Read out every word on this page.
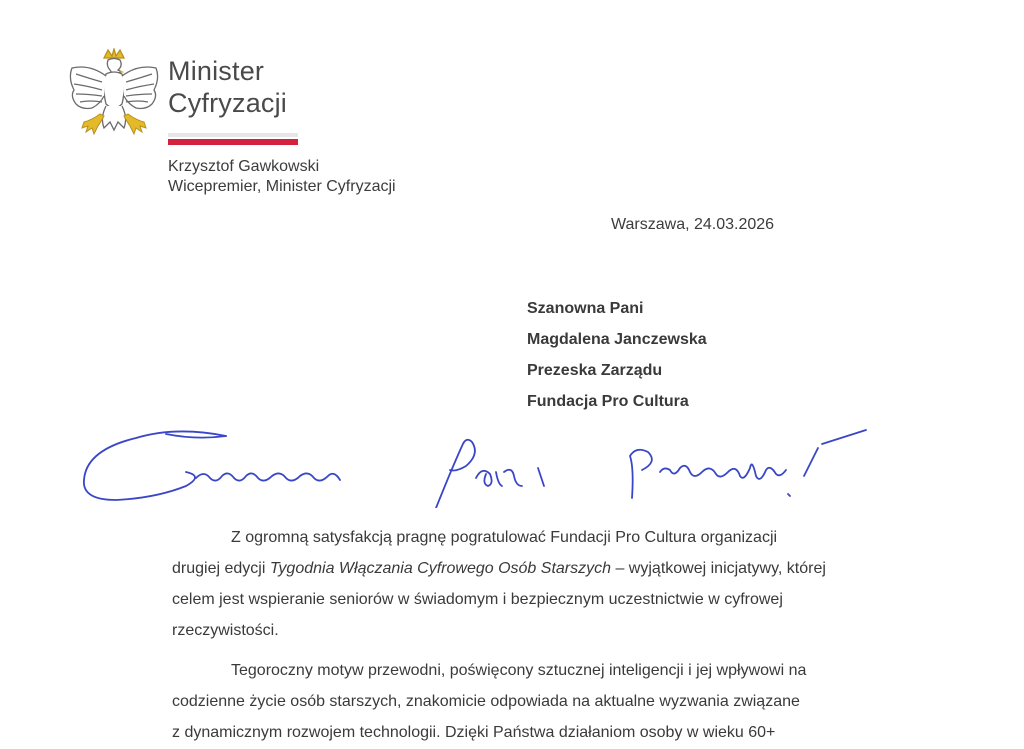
Minister
Cyfryzacji
Krzysztof Gawkowski
Wicepremier, Minister Cyfryzacji
Warszawa, 24.03.2026
Szanowna Pani
Magdalena Janczewska
Prezeska Zarządu
Fundacja Pro Cultura
Z ogromną satysfakcją pragnę pogratulować Fundacji Pro Cultura organizacji
drugiej edycji Tygodnia Włączania Cyfrowego Osób Starszych – wyjątkowej inicjatywy, której
celem jest wspieranie seniorów w świadomym i bezpiecznym uczestnictwie w cyfrowej
rzeczywistości.
Tegoroczny motyw przewodni, poświęcony sztucznej inteligencji i jej wpływowi na
codzienne życie osób starszych, znakomicie odpowiada na aktualne wyzwania związane
z dynamicznym rozwojem technologii. Dzięki Państwa działaniom osoby w wieku 60+
